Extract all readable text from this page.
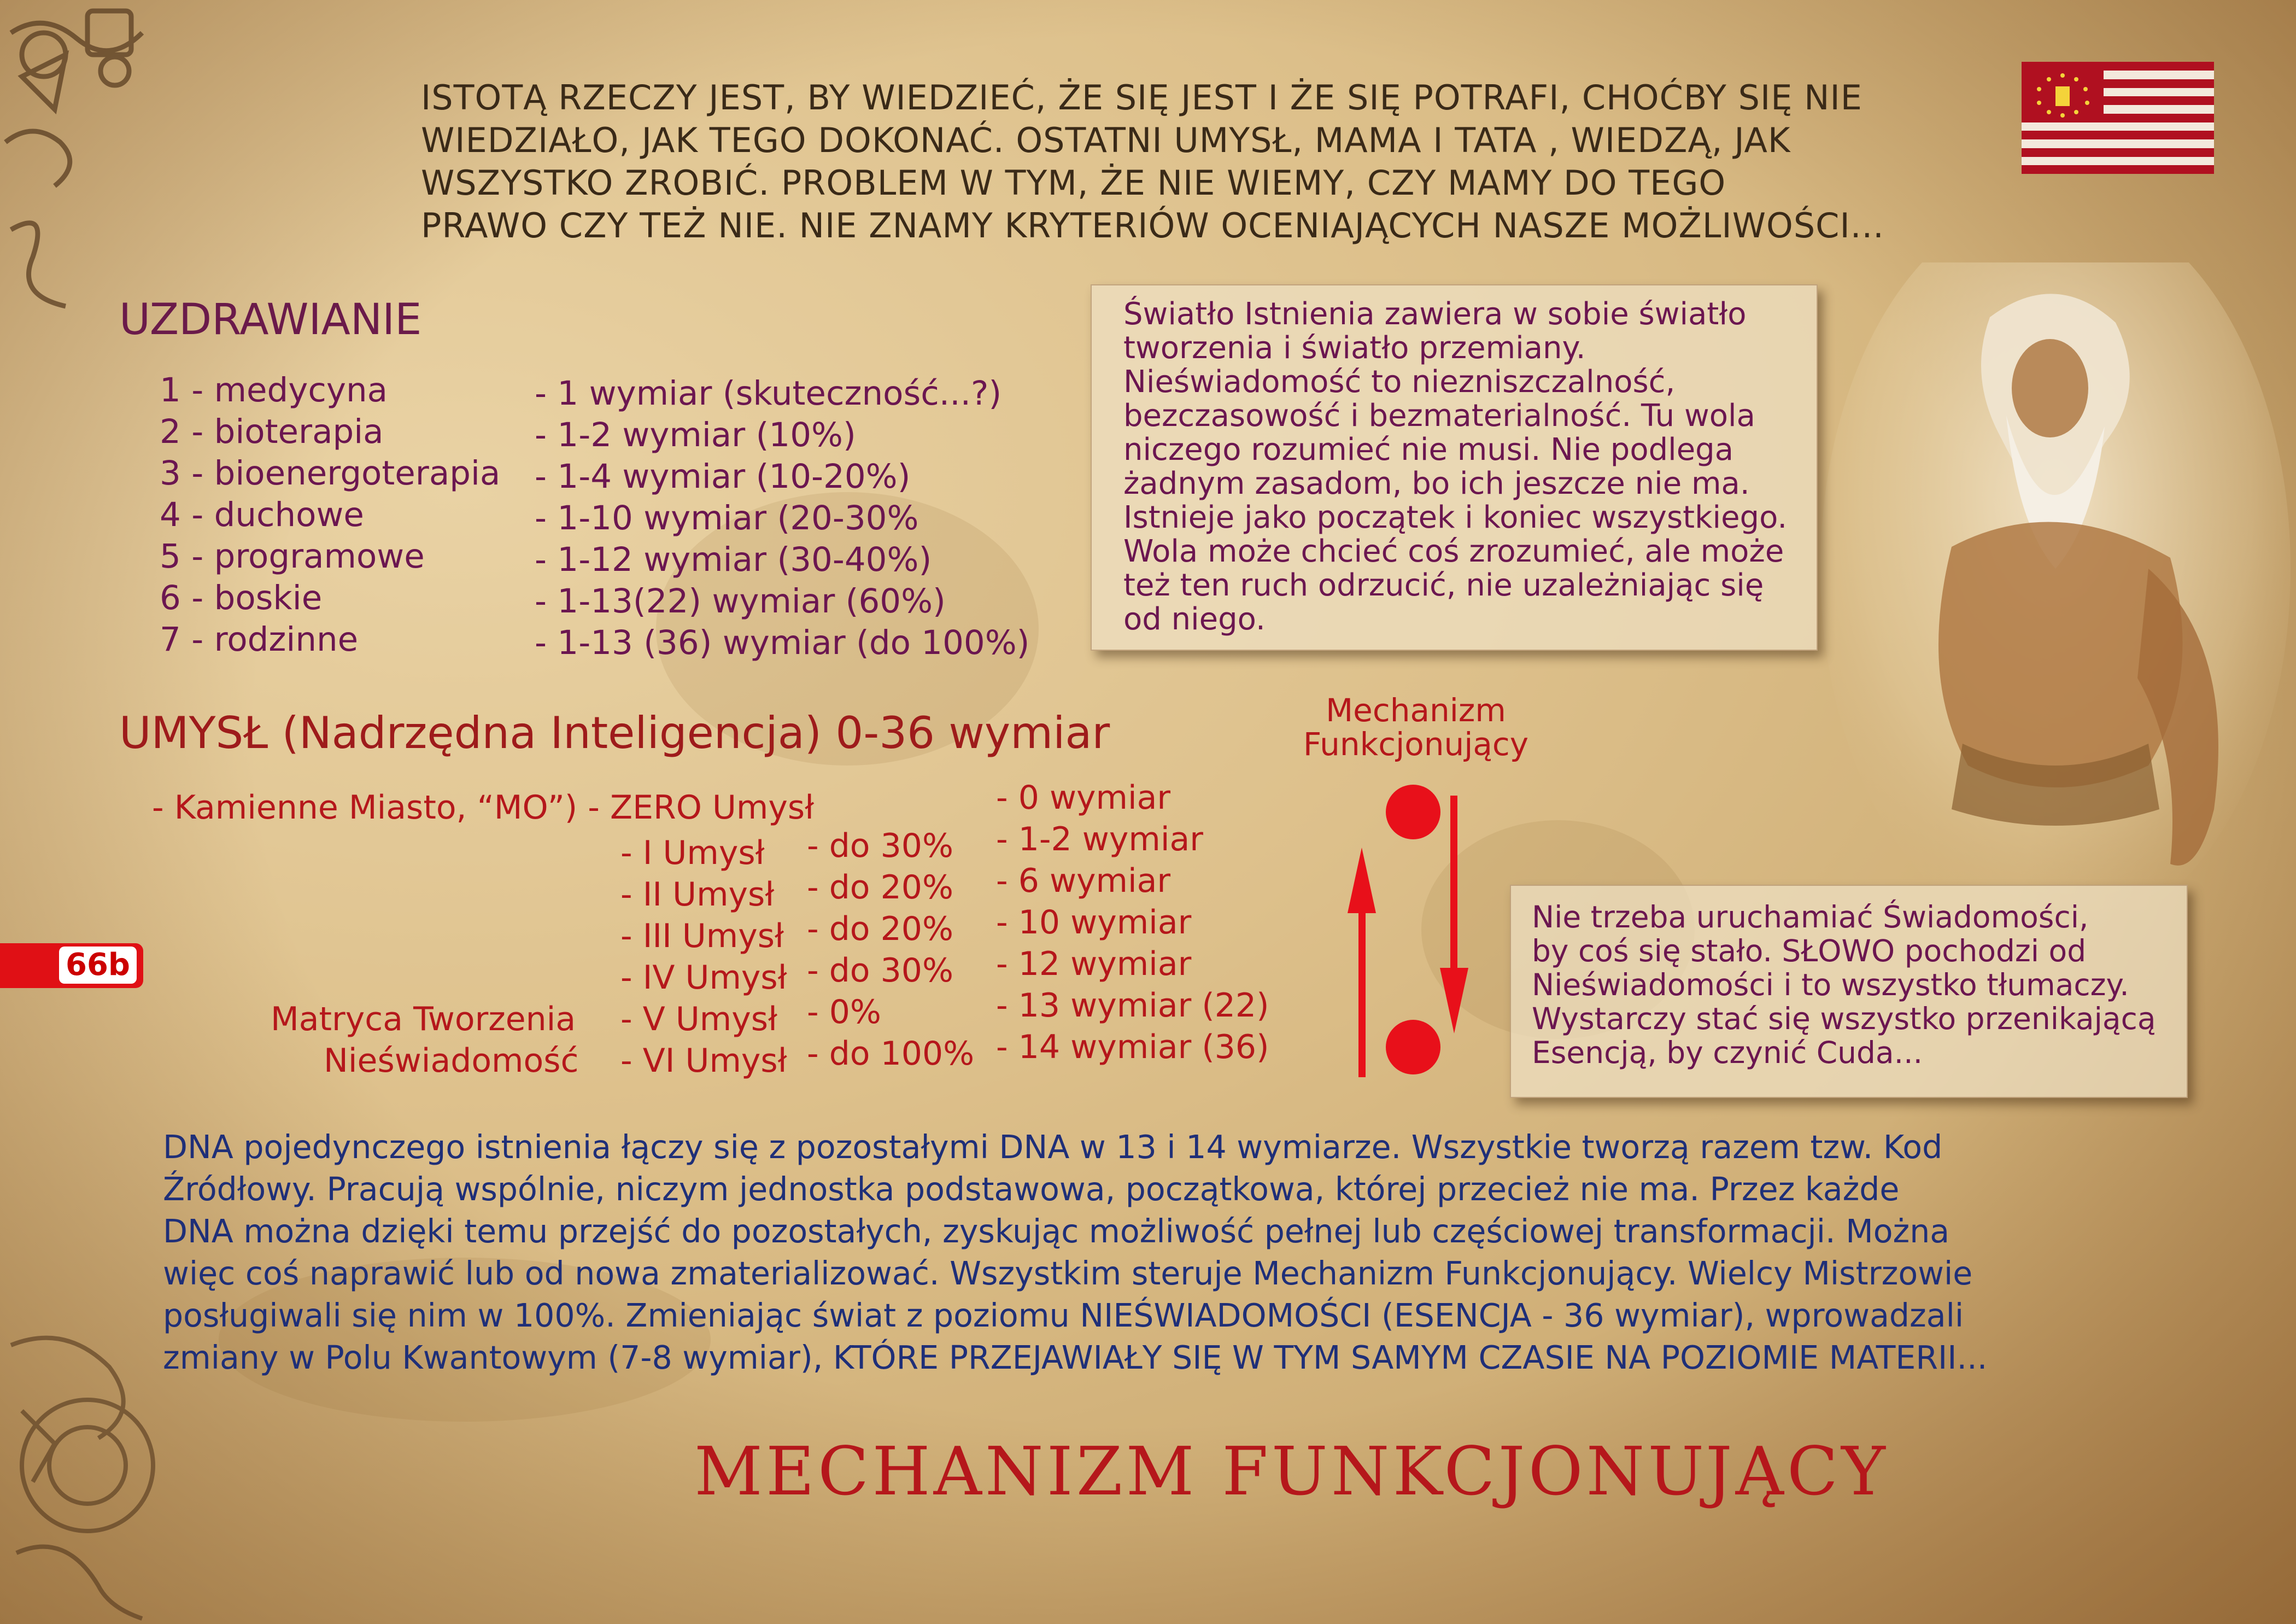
ISTOTĄ RZECZY JEST, BY WIEDZIEĆ, ŻE SIĘ JEST I ŻE SIĘ POTRAFI, CHOĆBY SIĘ NIE
WIEDZIAŁO, JAK TEGO DOKONAĆ. OSTATNI UMYSŁ, MAMA I TATA , WIEDZĄ, JAK
WSZYSTKO ZROBIĆ. PROBLEM W TYM, ŻE NIE WIEMY, CZY MAMY DO TEGO
PRAWO CZY TEŻ NIE. NIE ZNAMY KRYTERIÓW OCENIAJĄCYCH NASZE MOŻLIWOŚCI...
UZDRAWIANIE
1 - medycyna
2 - bioterapia
3 - bioenergoterapia
4 - duchowe
5 - programowe
6 - boskie
7 - rodzinne
- 1 wymiar (skuteczność...?)
- 1-2 wymiar (10%)
- 1-4 wymiar (10-20%)
- 1-10 wymiar (20-30%
- 1-12 wymiar (30-40%)
- 1-13(22) wymiar (60%)
- 1-13 (36) wymiar (do 100%)
Światło Istnienia zawiera w sobie światło
tworzenia i światło przemiany.
Nieświadomość to niezniszczalność,
bezczasowość i bezmaterialność. Tu wola
niczego rozumieć nie musi. Nie podlega
żadnym zasadom, bo ich jeszcze nie ma.
Istnieje jako początek i koniec wszystkiego.
Wola może chcieć coś zrozumieć, ale może
też ten ruch odrzucić, nie uzależniając się
od niego.
UMYSŁ (Nadrzędna Inteligencja) 0-36 wymiar
- Kamienne Miasto, “MO”) - ZERO Umysł
- I Umysł
- II Umysł
- III Umysł
- IV Umysł
- V Umysł
- VI Umysł
Matryca Tworzenia
Nieświadomość
- do 30%
- do 20%
- do 20%
- do 30%
- 0%
- do 100%
- 0 wymiar
- 1-2 wymiar
- 6 wymiar
- 10 wymiar
- 12 wymiar
- 13 wymiar (22)
- 14 wymiar (36)
Mechanizm
Funkcjonujący
Nie trzeba uruchamiać Świadomości,
by coś się stało. SŁOWO pochodzi od
Nieświadomości i to wszystko tłumaczy.
Wystarczy stać się wszystko przenikającą
Esencją, by czynić Cuda...
66b
DNA pojedynczego istnienia łączy się z pozostałymi DNA w 13 i 14 wymiarze. Wszystkie tworzą razem tzw. Kod
Źródłowy. Pracują wspólnie, niczym jednostka podstawowa, początkowa, której przecież nie ma. Przez każde
DNA można dzięki temu przejść do pozostałych, zyskując możliwość pełnej lub częściowej transformacji. Można
więc coś naprawić lub od nowa zmaterializować. Wszystkim steruje Mechanizm Funkcjonujący. Wielcy Mistrzowie
posługiwali się nim w 100%. Zmieniając świat z poziomu NIEŚWIADOMOŚCI (ESENCJA - 36 wymiar), wprowadzali
zmiany w Polu Kwantowym (7-8 wymiar), KTÓRE PRZEJAWIAŁY SIĘ W TYM SAMYM CZASIE NA POZIOMIE MATERII...
MECHANIZM FUNKCJONUJĄCY
